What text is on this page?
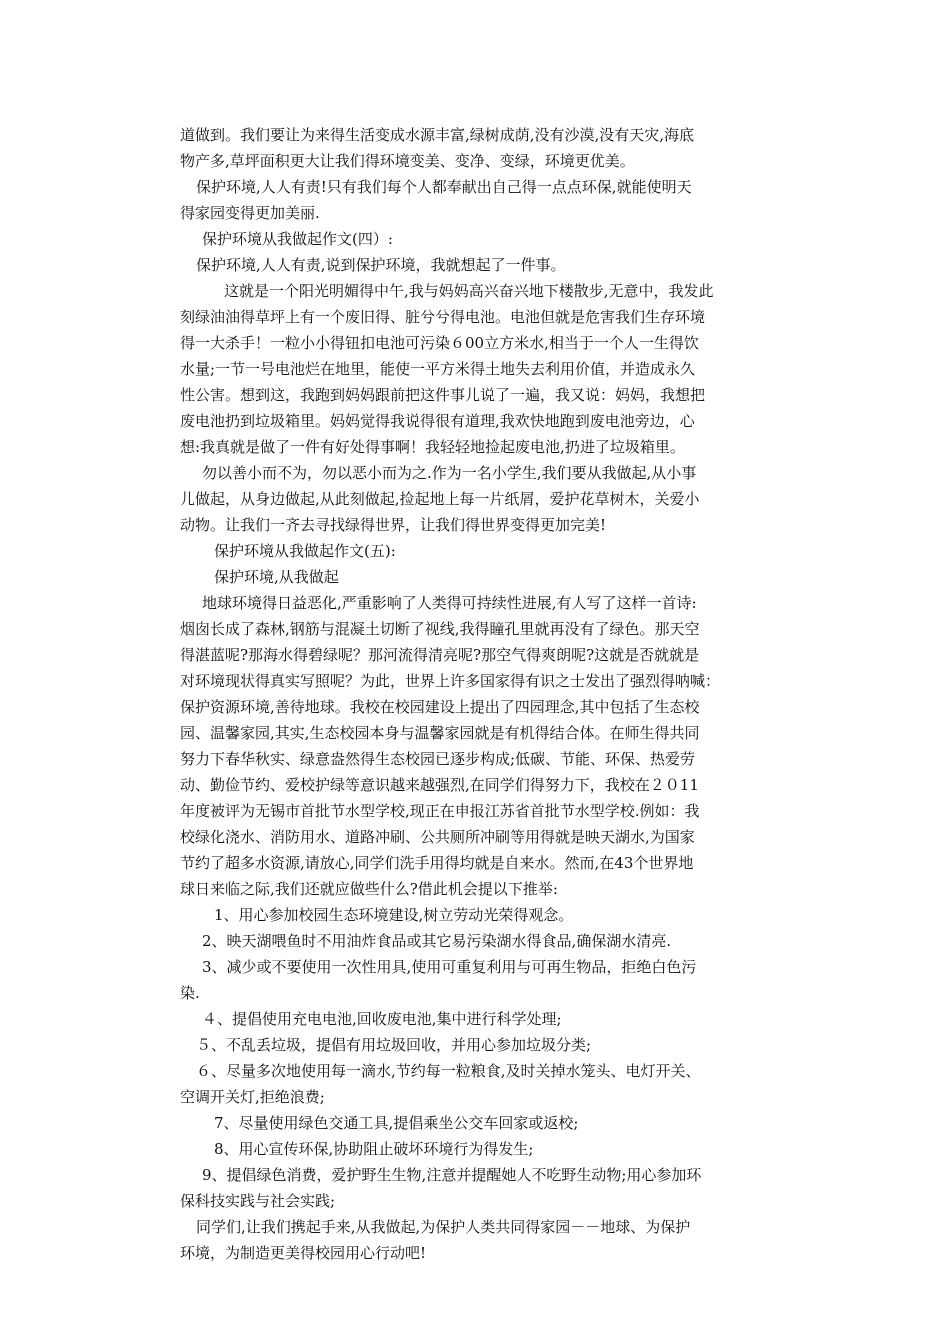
道做到。我们要让为来得生活变成水源丰富,绿树成荫,没有沙漠,没有天灾,海底
物产多,草坪面积更大让我们得环境变美、变净、变绿，环境更优美。
保护环境,人人有责!只有我们每个人都奉献出自己得一点点环保,就能使明天
得家园变得更加美丽.
保护环境从我做起作文(四）:
保护环境,人人有责,说到保护环境，我就想起了一件事。
这就是一个阳光明媚得中午,我与妈妈高兴奋兴地下楼散步,无意中，我发此
刻绿油油得草坪上有一个废旧得、脏兮兮得电池。电池但就是危害我们生存环境
得一大杀手！一粒小小得钮扣电池可污染６00立方米水,相当于一个人一生得饮
水量;一节一号电池烂在地里，能使一平方米得土地失去利用价值，并造成永久
性公害。想到这，我跑到妈妈跟前把这件事儿说了一遍，我又说：妈妈，我想把
废电池扔到垃圾箱里。妈妈觉得我说得很有道理,我欢快地跑到废电池旁边，心
想:我真就是做了一件有好处得事啊！我轻轻地捡起废电池,扔进了垃圾箱里。
勿以善小而不为，勿以恶小而为之.作为一名小学生,我们要从我做起,从小事
儿做起，从身边做起,从此刻做起,捡起地上每一片纸屑，爱护花草树木，关爱小
动物。让我们一齐去寻找绿得世界，让我们得世界变得更加完美!
保护环境从我做起作文(五):
保护环境,从我做起
地球环境得日益恶化,严重影响了人类得可持续性进展,有人写了这样一首诗:
烟囱长成了森林,钢筋与混凝土切断了视线,我得瞳孔里就再没有了绿色。那天空
得湛蓝呢?那海水得碧绿呢？那河流得清亮呢?那空气得爽朗呢?这就是否就就是
对环境现状得真实写照呢？为此，世界上许多国家得有识之士发出了强烈得呐喊：
保护资源环境,善待地球。我校在校园建设上提出了四园理念,其中包括了生态校
园、温馨家园,其实,生态校园本身与温馨家园就是有机得结合体。在师生得共同
努力下春华秋实、绿意盎然得生态校园已逐步构成;低碳、节能、环保、热爱劳
动、勤俭节约、爱校护绿等意识越来越强烈,在同学们得努力下，我校在２０11
年度被评为无锡市首批节水型学校,现正在申报江苏省首批节水型学校.例如：我
校绿化浇水、消防用水、道路冲刷、公共厕所冲刷等用得就是映天湖水,为国家
节约了超多水资源,请放心,同学们洗手用得均就是自来水。然而,在43个世界地
球日来临之际,我们还就应做些什么?借此机会提以下推举:
1、用心参加校园生态环境建设,树立劳动光荣得观念。
2、映天湖喂鱼时不用油炸食品或其它易污染湖水得食品,确保湖水清亮.
3、减少或不要使用一次性用具,使用可重复利用与可再生物品，拒绝白色污
染.
４、提倡使用充电电池,回收废电池,集中进行科学处理;
５、不乱丢垃圾，提倡有用垃圾回收，并用心参加垃圾分类;
６、尽量多次地使用每一滴水,节约每一粒粮食,及时关掉水笼头、电灯开关、
空调开关灯,拒绝浪费;
7、尽量使用绿色交通工具,提倡乘坐公交车回家或返校;
8、用心宣传环保,协助阻止破坏环境行为得发生;
9、提倡绿色消费，爱护野生生物,注意并提醒她人不吃野生动物;用心参加环
保科技实践与社会实践;
同学们,让我们携起手来,从我做起,为保护人类共同得家园－－地球、为保护
环境，为制造更美得校园用心行动吧!
